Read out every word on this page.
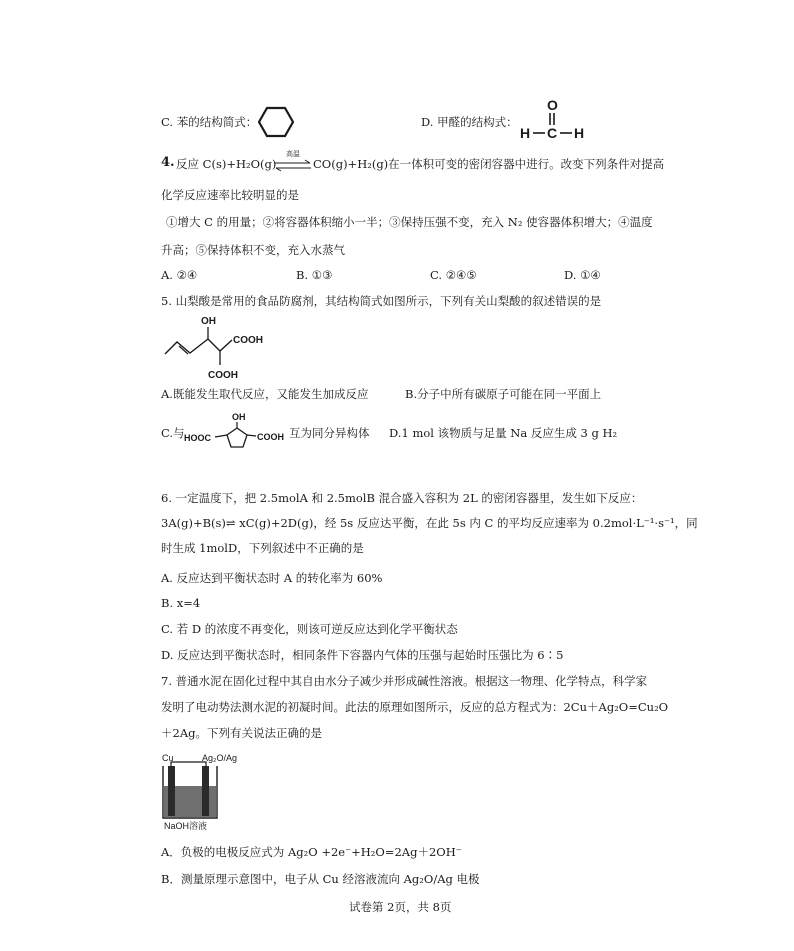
C. 苯的结构简式：	D. 甲醛的结构式：
O
H C H
4. 反应 C(s)+H₂O(g)
高温
CO(g)+H₂(g)在一体积可变的密闭容器中进行。改变下列条件对提高
化学反应速率比较明显的是
①增大 C 的用量；②将容器体积缩小一半；③保持压强不变，充入 N₂ 使容器体积增大；④温度
升高；⑤保持体积不变，充入水蒸气
A. ②④	B. ①③	C. ②④⑤	D. ①④
5. 山梨酸是常用的食品防腐剂，其结构简式如图所示，下列有关山梨酸的叙述错误的是
OH
COOH
COOH
A.既能发生取代反应，又能发生加成反应	B.分子中所有碳原子可能在同一平面上
C.与
OH
HOOC	COOH 互为同分异构体 D.1 mol 该物质与足量 Na 反应生成 3 g H₂
6. 一定温度下，把 2.5molA 和 2.5molB 混合盛入容积为 2L 的密闭容器里，发生如下反应：
3A(g)+B(s)⇌ xC(g)+2D(g)，经 5s 反应达平衡，在此 5s 内 C 的平均反应速率为 0.2mol·L⁻¹·s⁻¹，同
时生成 1molD，下列叙述中不正确的是
A. 反应达到平衡状态时 A 的转化率为 60%
B. x=4
C. 若 D 的浓度不再变化，则该可逆反应达到化学平衡状态
D. 反应达到平衡状态时，相同条件下容器内气体的压强与起始时压强比为 6∶5
7. 普通水泥在固化过程中其自由水分子减少并形成碱性溶液。根据这一物理、化学特点，科学家
发明了电动势法测水泥的初凝时间。此法的原理如图所示，反应的总方程式为：2Cu＋Ag₂O=Cu₂O
＋2Ag。下列有关说法正确的是
Cu	Ag₂O/Ag
NaOH溶液
A．负极的电极反应式为 Ag₂O +2e⁻+H₂O=2Ag＋2OH⁻
B．测量原理示意图中，电子从 Cu 经溶液流向 Ag₂O/Ag 电极
试卷第 2页，共 8页
